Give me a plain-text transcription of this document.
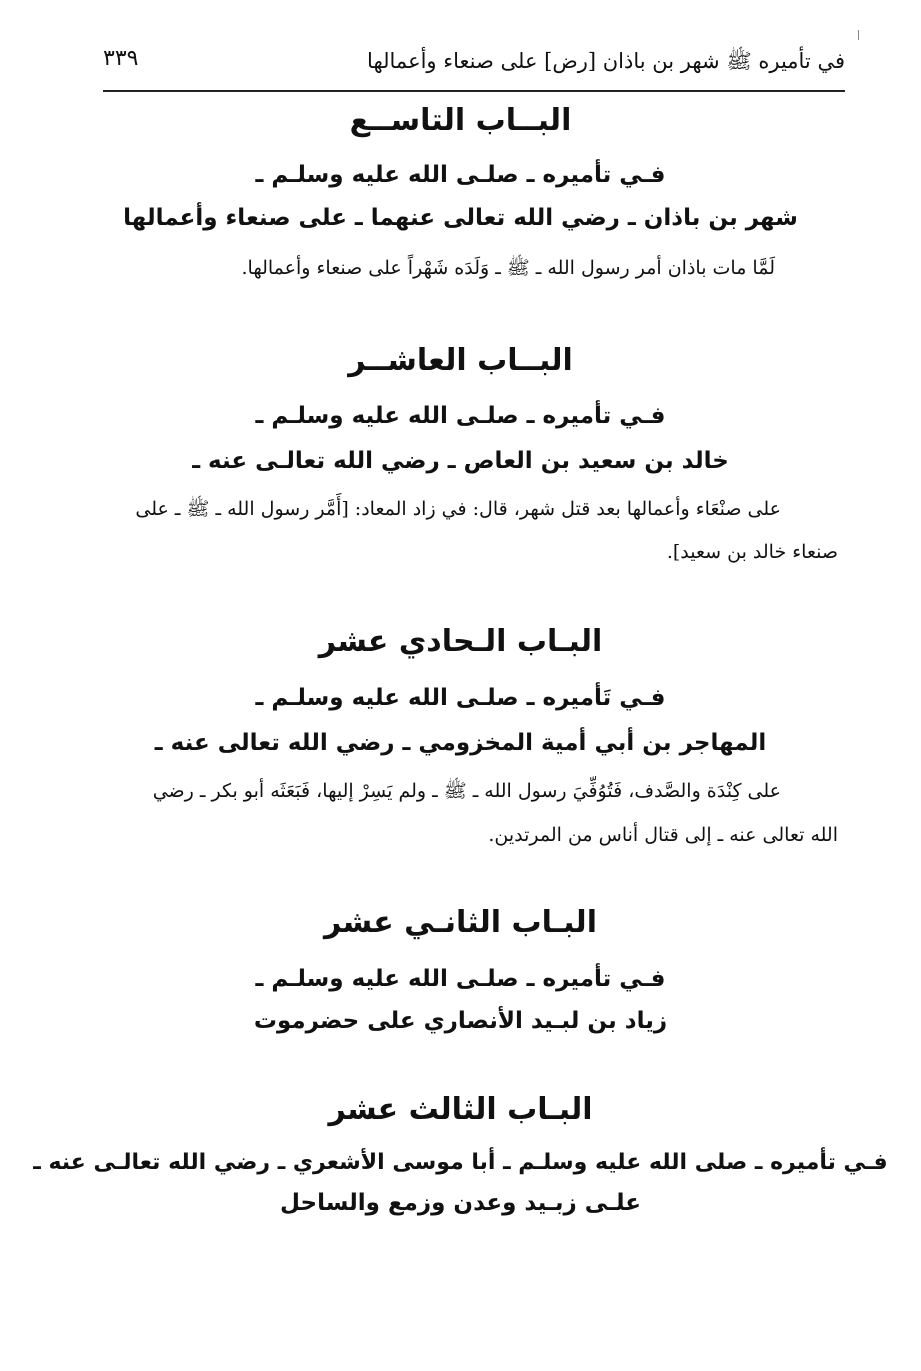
في تأميره ﷺ شهر بن باذان [رض] على صنعاء وأعمالها
٣٣٩
البــاب التاســع
فـي تأميره ـ صلـى الله عليه وسلـم ـ
شهر بن باذان ـ رضي الله تعالى عنهما ـ على صنعاء وأعمالها
لَمَّا مات باذان أمر رسول الله ـ ﷺ ـ وَلَدَه شَهْراً على صنعاء وأعمالها.
البــاب العاشــر
فـي تأميره ـ صلـى الله عليه وسلـم ـ
خالد بن سعيد بن العاص ـ رضي الله تعالـى عنه ـ
على صنْعَاء وأعمالها بعد قتل شهر، قال: في زاد المعاد: [أَمَّر رسول الله ـ ﷺ ـ على
صنعاء خالد بن سعيد].
البـاب الـحادي عشر
فـي تَأميره ـ صلـى الله عليه وسلـم ـ
المهاجر بن أبي أمية المخزومي ـ رضي الله تعالى عنه ـ
على كِنْدَة والصَّدف، فَتُوُفِّيَ رسول الله ـ ﷺ ـ ولم يَسِرْ إليها، فَبَعَثَه أبو بكر ـ رضي
الله تعالى عنه ـ إلى قتال أناس من المرتدين.
البـاب الثانـي عشر
فـي تأميره ـ صلـى الله عليه وسلـم ـ
زياد بن لبـيد الأنصاري على حضرموت
البـاب الثالث عشر
فـي تأميره ـ صلى الله عليه وسلـم ـ أبا موسى الأشعري ـ رضي الله تعالـى عنه ـ
علـى زبـيد وعدن وزمع والساحل
